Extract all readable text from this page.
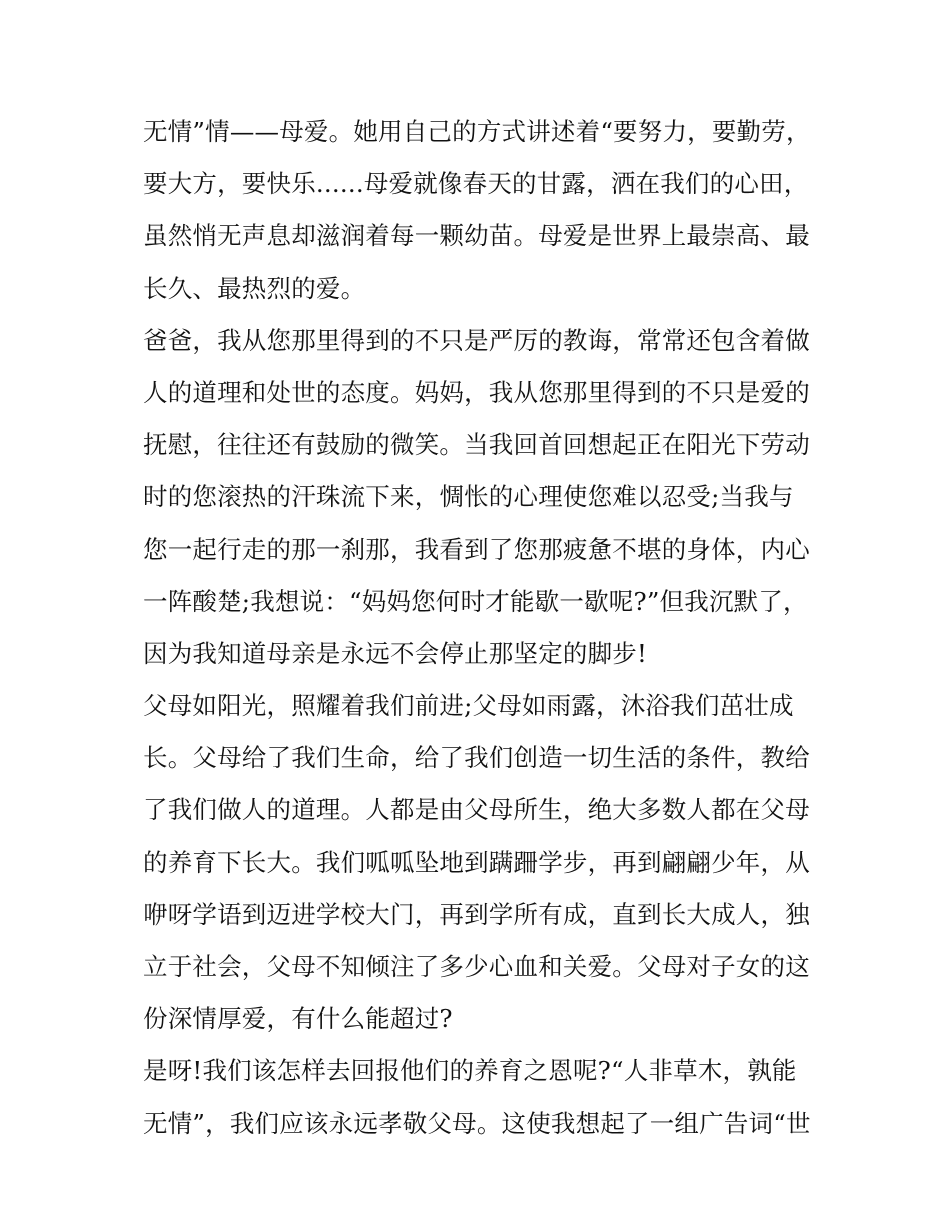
无情”情——母爱。她用自己的方式讲述着“要努力，要勤劳，
要大方，要快乐......母爱就像春天的甘露，洒在我们的心田，
虽然悄无声息却滋润着每一颗幼苗。母爱是世界上最崇高、最
长久、最热烈的爱。
爸爸，我从您那里得到的不只是严厉的教诲，常常还包含着做
人的道理和处世的态度。妈妈，我从您那里得到的不只是爱的
抚慰，往往还有鼓励的微笑。当我回首回想起正在阳光下劳动
时的您滚热的汗珠流下来，惆怅的心理使您难以忍受;当我与
您一起行走的那一刹那，我看到了您那疲惫不堪的身体，内心
一阵酸楚;我想说：“妈妈您何时才能歇一歇呢?”但我沉默了，
因为我知道母亲是永远不会停止那坚定的脚步!
父母如阳光，照耀着我们前进;父母如雨露，沐浴我们茁壮成
长。父母给了我们生命，给了我们创造一切生活的条件，教给
了我们做人的道理。人都是由父母所生，绝大多数人都在父母
的养育下长大。我们呱呱坠地到蹒跚学步，再到翩翩少年，从
咿呀学语到迈进学校大门，再到学所有成，直到长大成人，独
立于社会，父母不知倾注了多少心血和关爱。父母对子女的这
份深情厚爱，有什么能超过?
是呀!我们该怎样去回报他们的养育之恩呢?“人非草木，孰能
无情”，我们应该永远孝敬父母。这使我想起了一组广告词“世
